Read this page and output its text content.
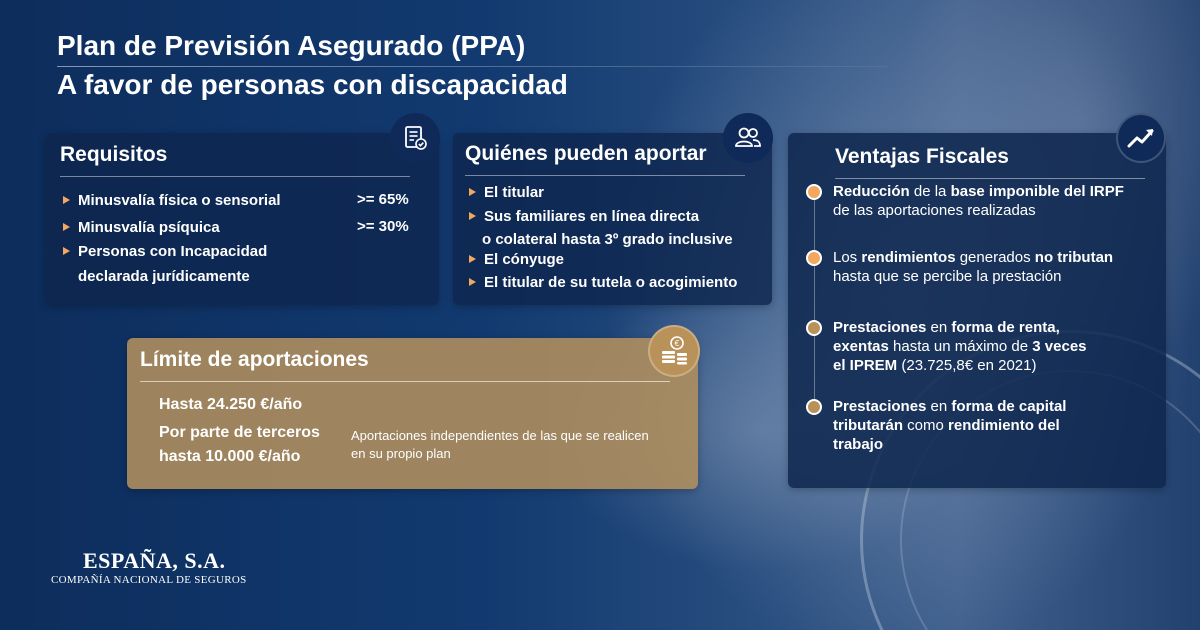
Plan de Previsión Asegurado (PPA)
A favor de personas con discapacidad
Requisitos
Minusvalía física o sensorial	>= 65%
Minusvalía psíquica	>= 30%
Personas con Incapacidad
declarada jurídicamente
Quiénes pueden aportar
El titular
Sus familiares en línea directa
o colateral hasta 3º grado inclusive
El cónyuge
El titular de su tutela o acogimiento
Límite de aportaciones
Hasta 24.250 €/año
Por parte de terceros
hasta 10.000 €/año
Aportaciones independientes de las que se realicen
en su propio plan
€
Ventajas Fiscales
Reducción de la base imponible del IRPF
de las aportaciones realizadas
Los rendimientos generados no tributan
hasta que se percibe la prestación
Prestaciones en forma de renta,
exentas hasta un máximo de 3 veces
el IPREM (23.725,8€ en 2021)
Prestaciones en forma de capital
tributarán como rendimiento del
trabajo
ESPAÑA, S.A.
COMPAÑÍA NACIONAL DE SEGUROS
